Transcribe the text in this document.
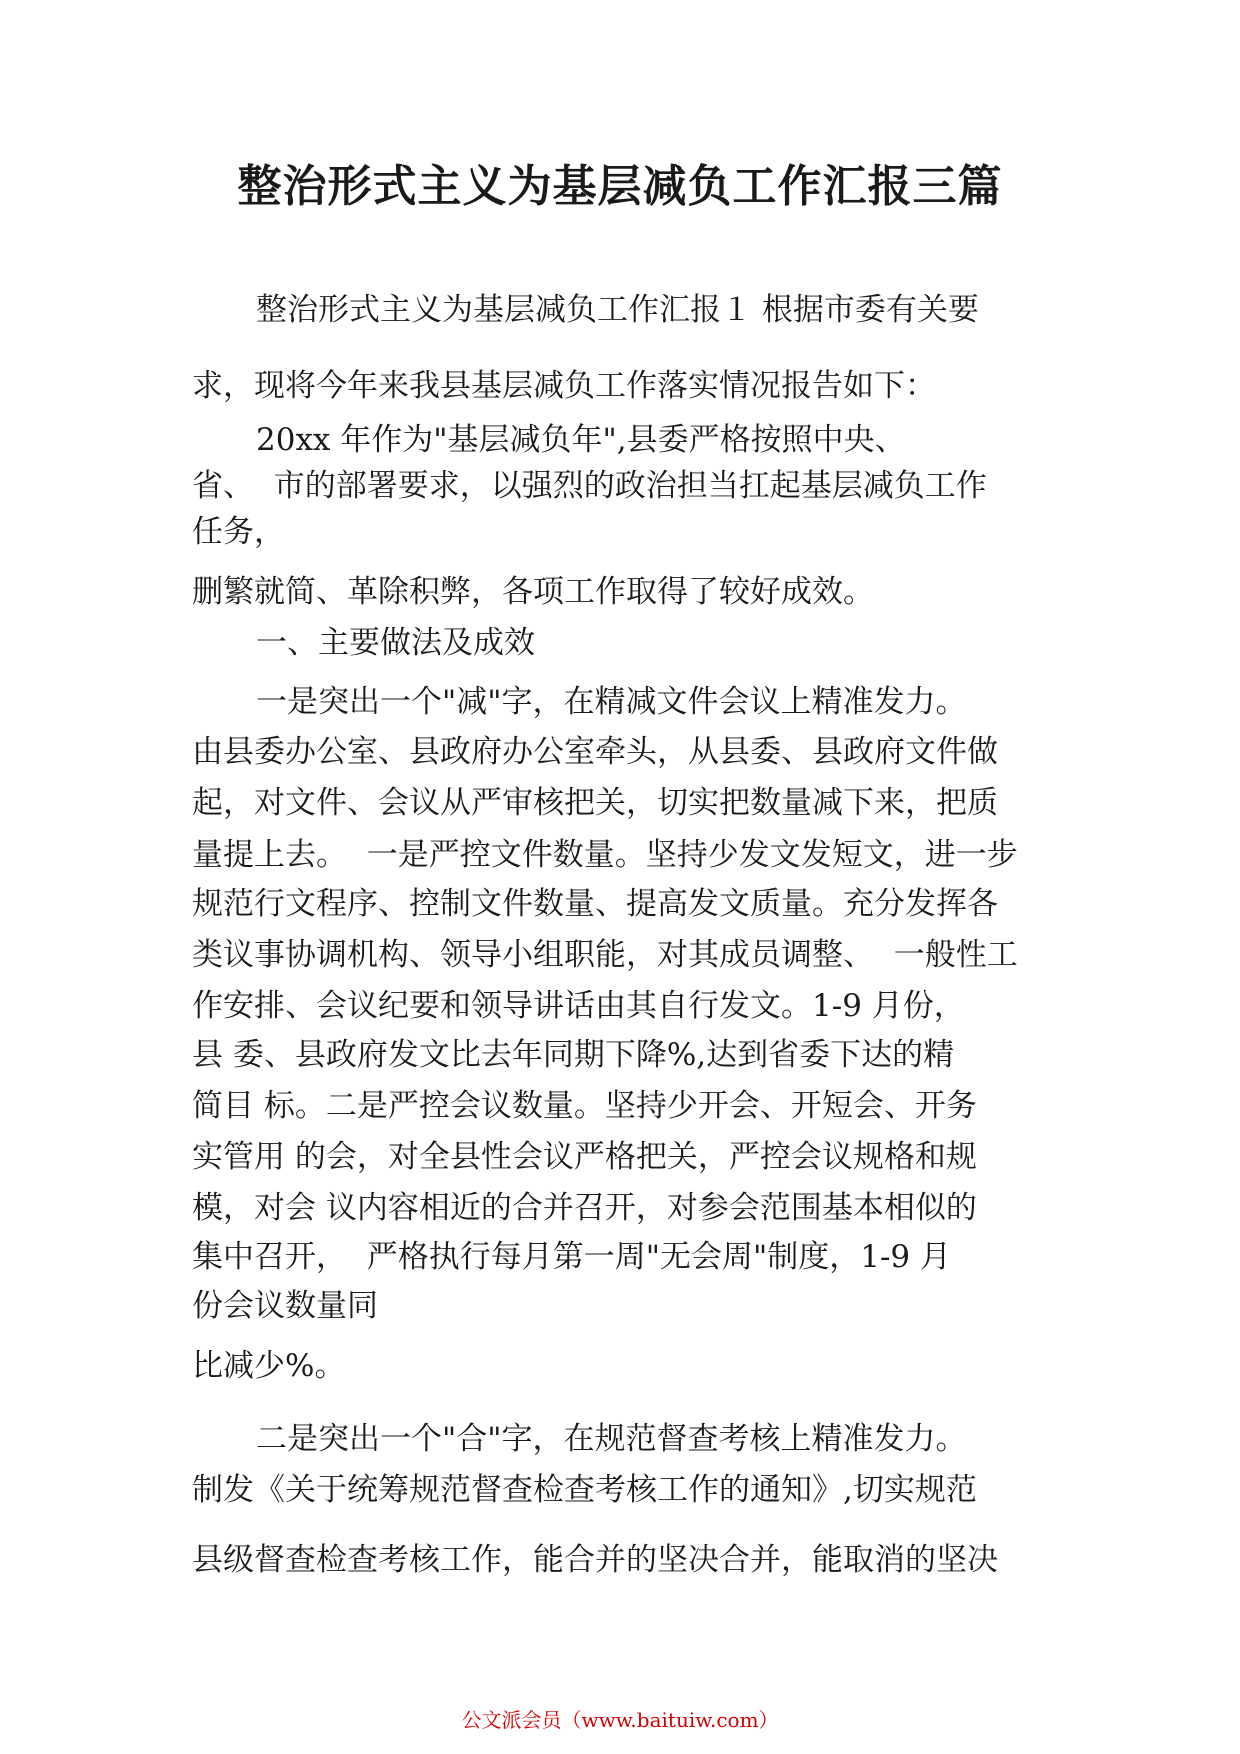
整治形式主义为基层减负工作汇报三篇

整治形式主义为基层减负工作汇报１ 根据市委有关要

求，现将今年来我县基层减负工作落实情况报告如下：

20xx 年作为"基层减负年",县委严格按照中央、

省、  市的部署要求，以强烈的政治担当扛起基层减负工作

任务，

删繁就简、革除积弊，各项工作取得了较好成效。

一、主要做法及成效

一是突出一个"减"字，在精减文件会议上精准发力。

由县委办公室、县政府办公室牵头，从县委、县政府文件做

起，对文件、会议从严审核把关，切实把数量减下来，把质

量提上去。  一是严控文件数量。坚持少发文发短文，进一步

规范行文程序、控制文件数量、提高发文质量。充分发挥各

类议事协调机构、领导小组职能，对其成员调整、  一般性工

作安排、会议纪要和领导讲话由其自行发文。1-9 月份，

县 委、县政府发文比去年同期下降%,达到省委下达的精

简目 标。二是严控会议数量。坚持少开会、开短会、开务

实管用 的会，对全县性会议严格把关，严控会议规格和规

模，对会 议内容相近的合并召开，对参会范围基本相似的

集中召开，  严格执行每月第一周"无会周"制度，1-9 月

份会议数量同

比减少%。

二是突出一个"合"字，在规范督查考核上精准发力。

制发《关于统筹规范督查检查考核工作的通知》,切实规范

县级督查检查考核工作，能合并的坚决合并，能取消的坚决

公文派会员（www.baituiw.com）
